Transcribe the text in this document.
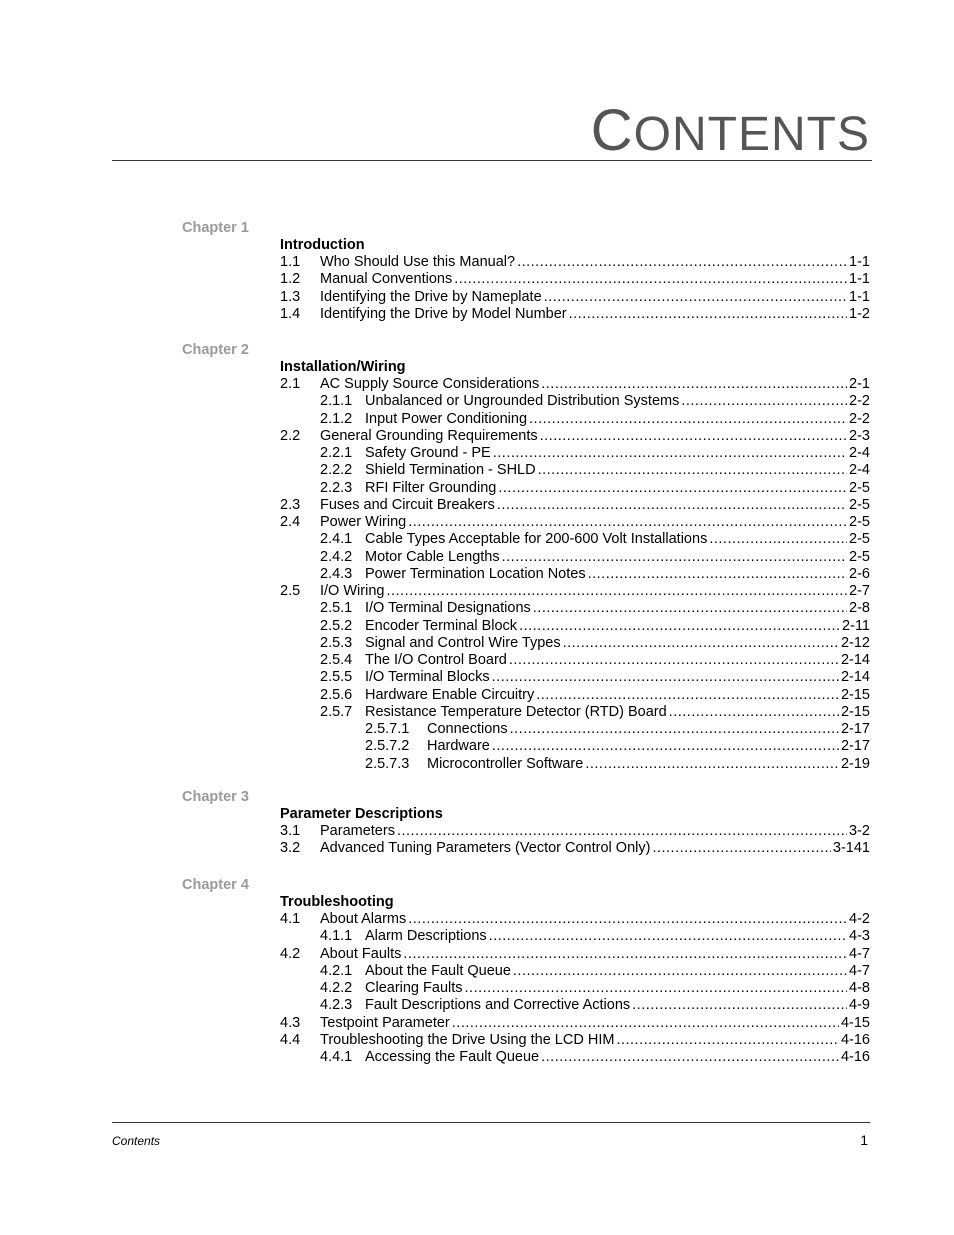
CONTENTS
Chapter 1
Introduction
1.1	Who Should Use this Manual? .....	1-1
1.2	Manual Conventions .....	1-1
1.3	Identifying the Drive by Nameplate .....	1-1
1.4	Identifying the Drive by Model Number .....	1-2
Chapter 2
Installation/Wiring
2.1	AC Supply Source Considerations .....	2-1
2.1.1 Unbalanced or Ungrounded Distribution Systems .....	2-2
2.1.2 Input Power Conditioning .....	2-2
2.2	General Grounding Requirements .....	2-3
2.2.1 Safety Ground - PE .....	2-4
2.2.2 Shield Termination - SHLD .....	2-4
2.2.3 RFI Filter Grounding .....	2-5
2.3	Fuses and Circuit Breakers .....	2-5
2.4	Power Wiring .....	2-5
2.4.1 Cable Types Acceptable for 200-600 Volt Installations .....	2-5
2.4.2 Motor Cable Lengths .....	2-5
2.4.3 Power Termination Location Notes .....	2-6
2.5	I/O Wiring .....	2-7
2.5.1 I/O Terminal Designations .....	2-8
2.5.2 Encoder Terminal Block .....	2-11
2.5.3 Signal and Control Wire Types .....	2-12
2.5.4 The I/O Control Board .....	2-14
2.5.5 I/O Terminal Blocks .....	2-14
2.5.6 Hardware Enable Circuitry .....	2-15
2.5.7 Resistance Temperature Detector (RTD) Board .....	2-15
2.5.7.1	Connections .....	2-17
2.5.7.2	Hardware .....	2-17
2.5.7.3	Microcontroller Software .....	2-19
Chapter 3
Parameter Descriptions
3.1	Parameters .....	3-2
3.2	Advanced Tuning Parameters (Vector Control Only) .....	3-141
Chapter 4
Troubleshooting
4.1	About Alarms .....	4-2
4.1.1 Alarm Descriptions .....	4-3
4.2	About Faults .....	4-7
4.2.1 About the Fault Queue .....	4-7
4.2.2 Clearing Faults .....	4-8
4.2.3 Fault Descriptions and Corrective Actions .....	4-9
4.3	Testpoint Parameter .....	4-15
4.4	Troubleshooting the Drive Using the LCD HIM .....	4-16
4.4.1 Accessing the Fault Queue .....	4-16
Contents	1
